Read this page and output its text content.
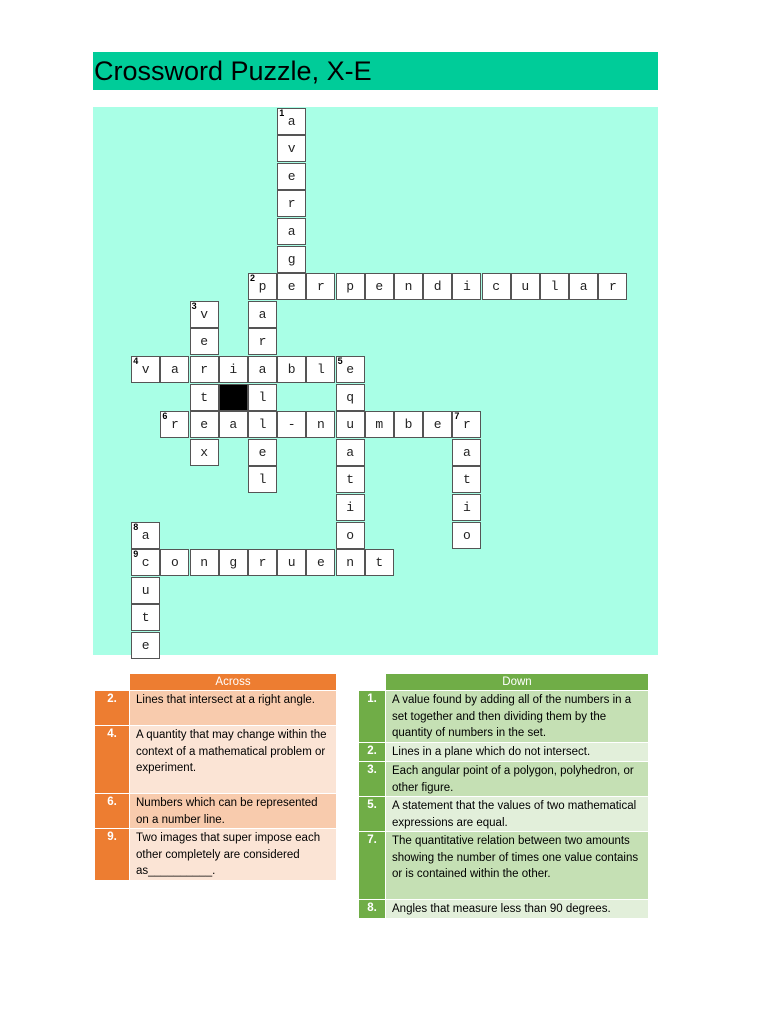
Crossword Puzzle, X-E
1
a
v
e
r
a
g
2
p	e	r	p	e	n	d	i	c	u	l	a	r
3
v	a
e	r
4
v	a	r	i	a	b	l
5
e
t	l	q
6
r	e	a	l	-	n	u	m	b	e
7
r
x	e	a	a
l	t	t
i	i
8
a	o	o
9
c	o	n	g	r	u	e	n	t
u
t
e
Across
2.	Lines that intersect at a right angle.
4.	A quantity that may change within the context of a mathematical problem or experiment.
6.	Numbers which can be represented on a number line.
9.	Two images that super impose each other completely are considered as__________.
Down
1.	A value found by adding all of the numbers in a set together and then dividing them by the quantity of numbers in the set.
2.	Lines in a plane which do not intersect.
3.	Each angular point of a polygon, polyhedron, or other figure.
5.	A statement that the values of two mathematical expressions are equal.
7.	The quantitative relation between two amounts showing the number of times one value contains or is contained within the other.
8.	Angles that measure less than 90 degrees.
